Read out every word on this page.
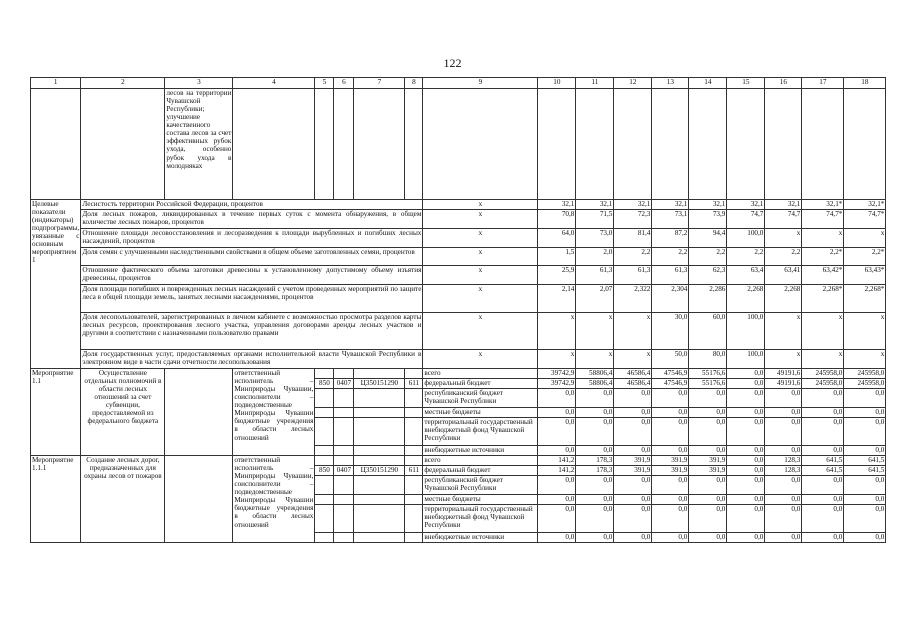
122
1	2	3	4	5	6	7	8	9	10	11	12	13	14	15	16	17	18
		лесов на территории Чувашской Республики; улучшение качественного состава лесов за счет эффективных рубок ухода, особенно рубок ухода в молодняках															
Целевые показатели (индикаторы) подпрограммы, увязанные с основным мероприятием 1	Лесистость территории Российской Федерации, процентов							х	32,1	32,1	32,1	32,1	32,1	32,1	32,1	32,1*	32,1*
	Доля лесных пожаров, ликвидированных в течение первых суток с момента обнаружения, в общем количестве лесных пожаров, процентов							х	70,8	71,5	72,3	73,1	73,9	74,7	74,7	74,7*	74,7*
	Отношение площади лесовосстановления и лесоразведения к площади вырубленных и погибших лесных насаждений, процентов							х	64,0	73,0	81,4	87,2	94,4	100,0	х	х	х
	Доля семян с улучшенными наследственными свойствами в общем объеме заготовленных семян, процентов							х	1,5	2,0	2,2	2,2	2,2	2,2	2,2	2,2*	2,2*
	Отношение фактического объема заготовки древесины к установленному допустимому объему изъятия древесины, процентов							х	25,9	61,3	61,3	61,3	62,3	63,4	63,41	63,42*	63,43*
	Доля площади погибших и поврежденных лесных насаждений с учетом проведенных мероприятий по защите леса в общей площади земель, занятых лесными насаждениями, процентов							х	2,14	2,07	2,322	2,304	2,286	2,268	2,268	2,268*	2,268*
	Доля лесопользователей, зарегистрированных в личном кабинете с возможностью просмотра разделов карты лесных ресурсов, проектирования лесного участка, управления договорами аренды лесных участков и другими в соответствии с назначенными пользователю правами							х	х	х	х	30,0	60,0	100,0	х	х	х
	Доля государственных услуг, предоставляемых органами исполнительной власти Чувашской Республики в электронном виде в части сдачи отчетности лесопользования							х	х	х	х	50,0	80,0	100,0	х	х	х
Мероприятие 1.1	Осуществление отдельных полномочий в области лесных отношений за счет субвенции, предоставляемой из федерального бюджета		ответственный исполнитель – Минприроды Чувашии, соисполнители – подведомственные Минприроды Чувашии бюджетные учреждения в области лесных отношений					всего	39742,9	58806,4	46586,4	47546,9	55176,6	0,0	49191,6	245958,0	245958,0
				850	0407	Ц350151290	611	федеральный бюджет	39742,9	58806,4	46586,4	47546,9	55176,6	0,0	49191,6	245958,0	245958,0
								республиканский бюджет Чувашской Республики	0,0	0,0	0,0	0,0	0,0	0,0	0,0	0,0	0,0
								местные бюджеты	0,0	0,0	0,0	0,0	0,0	0,0	0,0	0,0	0,0
								территориальный государственный внебюджетный фонд Чувашской Республики	0,0	0,0	0,0	0,0	0,0	0,0	0,0	0,0	0,0
								внебюджетные источники	0,0	0,0	0,0	0,0	0,0	0,0	0,0	0,0	0,0
Мероприятие 1.1.1	Создание лесных дорог, предназначенных для охраны лесов от пожаров		ответственный исполнитель – Минприроды Чувашии, соисполнители – подведомственные Минприроды Чувашии бюджетные учреждения в области лесных отношений					всего	141,2	178,3	391,9	391,9	391,9	0,0	128,3	641,5	641,5
				850	0407	Ц350151290	611	федеральный бюджет	141,2	178,3	391,9	391,9	391,9	0,0	128,3	641,5	641,5
								республиканский бюджет Чувашской Республики	0,0	0,0	0,0	0,0	0,0	0,0	0,0	0,0	0,0
								местные бюджеты	0,0	0,0	0,0	0,0	0,0	0,0	0,0	0,0	0,0
								территориальный государственный внебюджетный фонд Чувашской Республики	0,0	0,0	0,0	0,0	0,0	0,0	0,0	0,0	0,0
								внебюджетные источники	0,0	0,0	0,0	0,0	0,0	0,0	0,0	0,0	0,0
